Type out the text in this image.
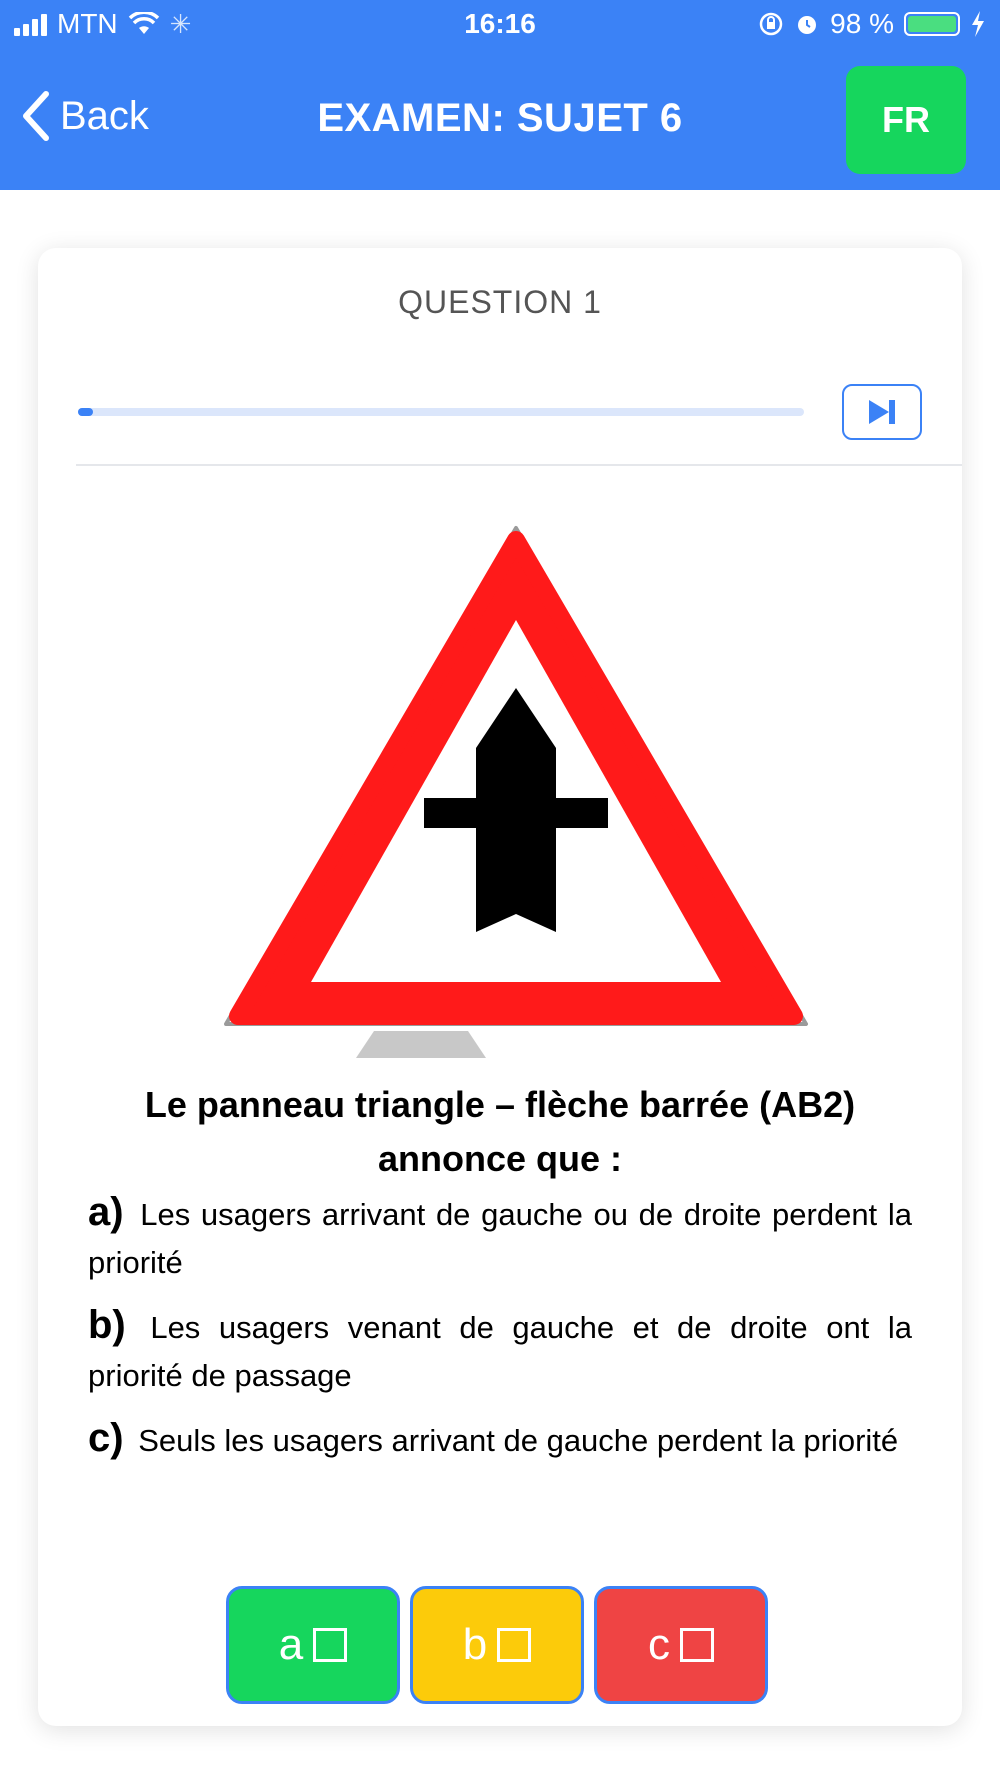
MTN ✳	16:16	98 %
Back	EXAMEN: SUJET 6	FR
QUESTION 1
Le panneau triangle – flèche barrée (AB2) annonce que :
a) Les usagers arrivant de gauche ou de droite perdent la priorité
b) Les usagers venant de gauche et de droite ont la priorité de passage
c) Seuls les usagers arrivant de gauche perdent la priorité
a	b	c
